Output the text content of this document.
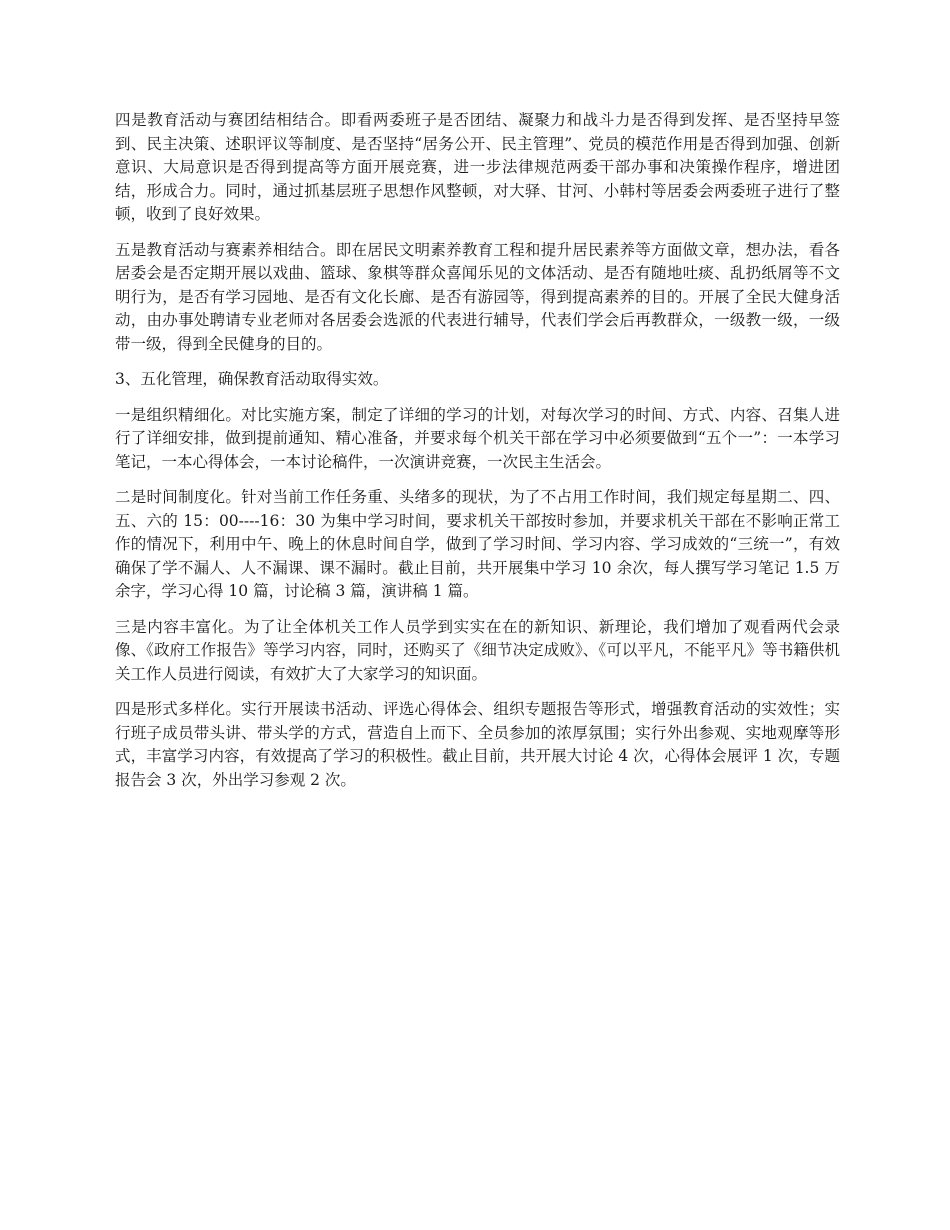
四是教育活动与赛团结相结合。即看两委班子是否团结、凝聚力和战斗力是否得到发挥、是否坚持早签到、民主决策、述职评议等制度、是否坚持“居务公开、民主管理”、党员的模范作用是否得到加强、创新意识、大局意识是否得到提高等方面开展竞赛，进一步法律规范两委干部办事和决策操作程序，增进团结，形成合力。同时，通过抓基层班子思想作风整顿，对大驿、甘河、小韩村等居委会两委班子进行了整顿，收到了良好效果。

五是教育活动与赛素养相结合。即在居民文明素养教育工程和提升居民素养等方面做文章，想办法，看各居委会是否定期开展以戏曲、篮球、象棋等群众喜闻乐见的文体活动、是否有随地吐痰、乱扔纸屑等不文明行为，是否有学习园地、是否有文化长廊、是否有游园等，得到提高素养的目的。开展了全民大健身活动，由办事处聘请专业老师对各居委会选派的代表进行辅导，代表们学会后再教群众，一级教一级，一级带一级，得到全民健身的目的。

3、五化管理，确保教育活动取得实效。

一是组织精细化。对比实施方案，制定了详细的学习的计划，对每次学习的时间、方式、内容、召集人进行了详细安排，做到提前通知、精心准备，并要求每个机关干部在学习中必须要做到“五个一”：一本学习笔记，一本心得体会，一本讨论稿件，一次演讲竞赛，一次民主生活会。

二是时间制度化。针对当前工作任务重、头绪多的现状，为了不占用工作时间，我们规定每星期二、四、五、六的 15：00----16：30 为集中学习时间，要求机关干部按时参加，并要求机关干部在不影响正常工作的情况下，利用中午、晚上的休息时间自学，做到了学习时间、学习内容、学习成效的“三统一”，有效确保了学不漏人、人不漏课、课不漏时。截止目前，共开展集中学习 10 余次，每人撰写学习笔记 1.5 万余字，学习心得 10 篇，讨论稿 3 篇，演讲稿 1 篇。

三是内容丰富化。为了让全体机关工作人员学到实实在在的新知识、新理论，我们增加了观看两代会录像、《政府工作报告》等学习内容，同时，还购买了《细节决定成败》、《可以平凡，不能平凡》等书籍供机关工作人员进行阅读，有效扩大了大家学习的知识面。

四是形式多样化。实行开展读书活动、评选心得体会、组织专题报告等形式，增强教育活动的实效性；实行班子成员带头讲、带头学的方式，营造自上而下、全员参加的浓厚氛围；实行外出参观、实地观摩等形式，丰富学习内容，有效提高了学习的积极性。截止目前，共开展大讨论 4 次，心得体会展评 1 次，专题报告会 3 次，外出学习参观 2 次。
